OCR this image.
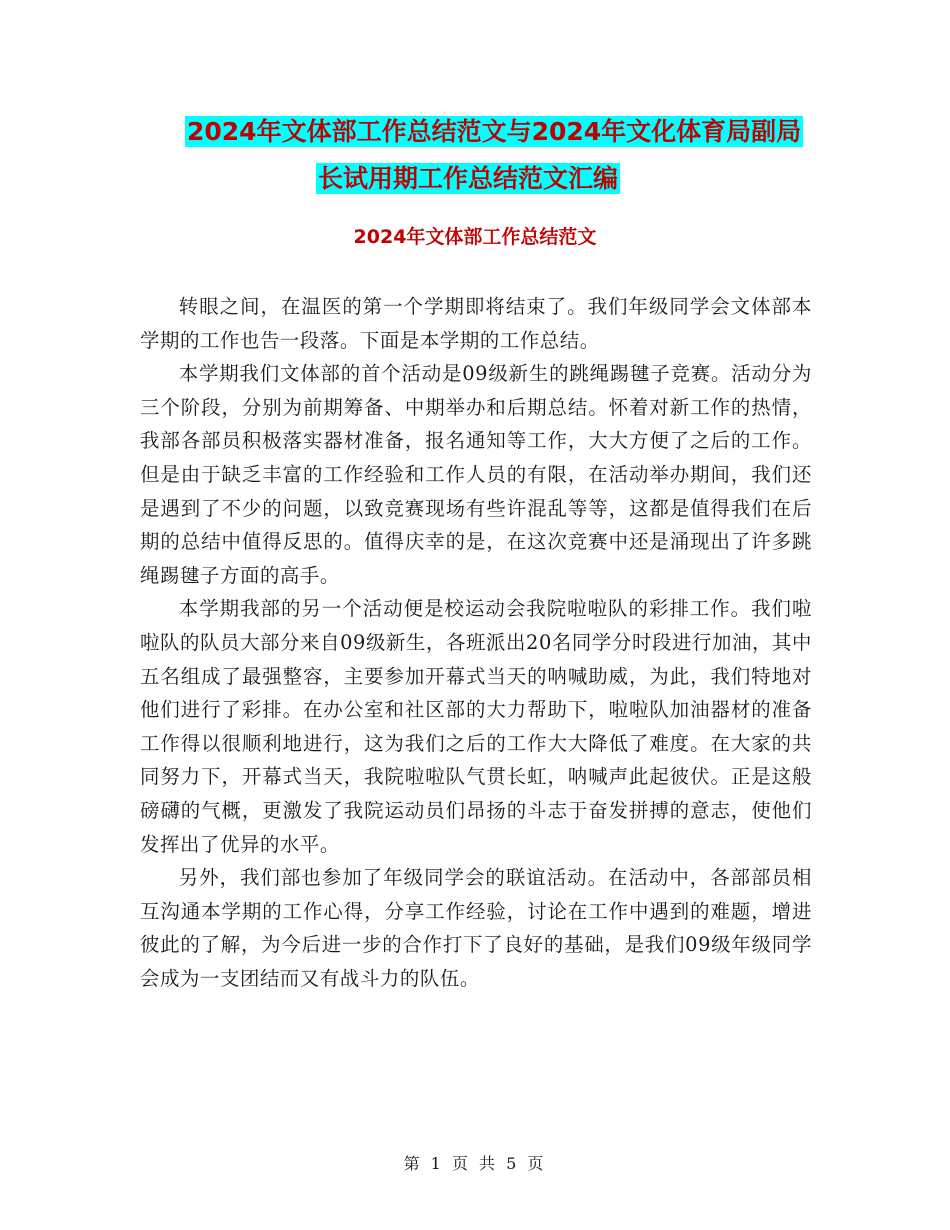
2024年文体部工作总结范文与2024年文化体育局副局
长试用期工作总结范文汇编
2024年文体部工作总结范文

转眼之间，在温医的第一个学期即将结束了。我们年级同学会文体部本学期的工作也告一段落。下面是本学期的工作总结。

本学期我们文体部的首个活动是09级新生的跳绳踢毽子竞赛。活动分为三个阶段，分别为前期筹备、中期举办和后期总结。怀着对新工作的热情，我部各部员积极落实器材准备，报名通知等工作，大大方便了之后的工作。但是由于缺乏丰富的工作经验和工作人员的有限，在活动举办期间，我们还是遇到了不少的问题，以致竞赛现场有些许混乱等等，这都是值得我们在后期的总结中值得反思的。值得庆幸的是，在这次竞赛中还是涌现出了许多跳绳踢毽子方面的高手。

本学期我部的另一个活动便是校运动会我院啦啦队的彩排工作。我们啦啦队的队员大部分来自09级新生，各班派出20名同学分时段进行加油，其中五名组成了最强整容，主要参加开幕式当天的呐喊助威，为此，我们特地对他们进行了彩排。在办公室和社区部的大力帮助下，啦啦队加油器材的准备工作得以很顺利地进行，这为我们之后的工作大大降低了难度。在大家的共同努力下，开幕式当天，我院啦啦队气贯长虹，呐喊声此起彼伏。正是这般磅礴的气概，更激发了我院运动员们昂扬的斗志于奋发拼搏的意志，使他们发挥出了优异的水平。

另外，我们部也参加了年级同学会的联谊活动。在活动中，各部部员相互沟通本学期的工作心得，分享工作经验，讨论在工作中遇到的难题，增进彼此的了解，为今后进一步的合作打下了良好的基础，是我们09级年级同学会成为一支团结而又有战斗力的队伍。

第 1 页 共 5 页
